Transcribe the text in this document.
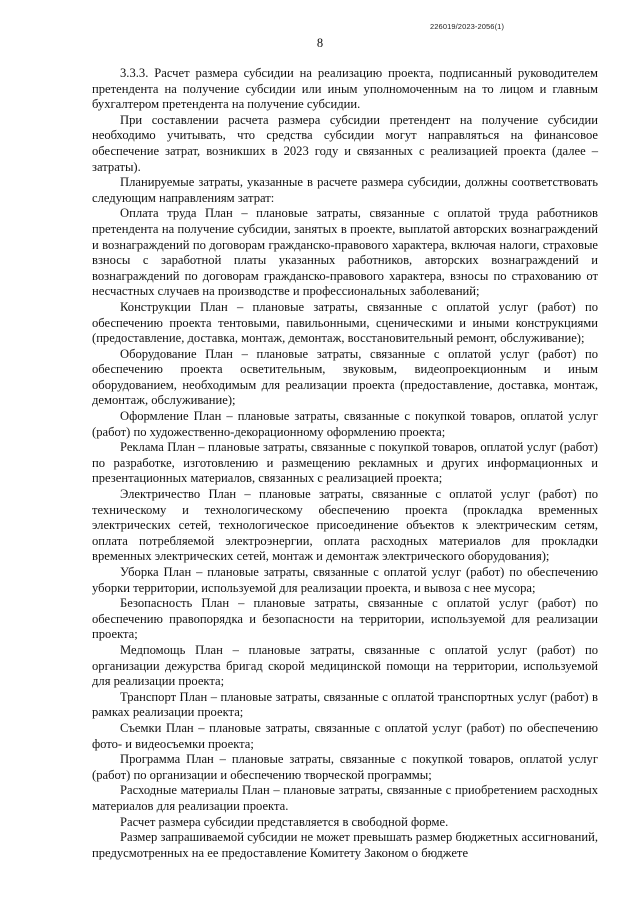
226019/2023-2056(1)
8

3.3.3. Расчет размера субсидии на реализацию проекта, подписанный руководителем претендента на получение субсидии или иным уполномоченным на то лицом и главным бухгалтером претендента на получение субсидии.

При составлении расчета размера субсидии претендент на получение субсидии необходимо учитывать, что средства субсидии могут направляться на финансовое обеспечение затрат, возникших в 2023 году и связанных с реализацией проекта (далее – затраты).

Планируемые затраты, указанные в расчете размера субсидии, должны соответствовать следующим направлениям затрат:

Оплата труда План – плановые затраты, связанные с оплатой труда работников претендента на получение субсидии, занятых в проекте, выплатой авторских вознаграждений и вознаграждений по договорам гражданско-правового характера, включая налоги, страховые взносы с заработной платы указанных работников, авторских вознаграждений и вознаграждений по договорам гражданско-правового характера, взносы по страхованию от несчастных случаев на производстве и профессиональных заболеваний;

Конструкции План – плановые затраты, связанные с оплатой услуг (работ) по обеспечению проекта тентовыми, павильонными, сценическими и иными конструкциями (предоставление, доставка, монтаж, демонтаж, восстановительный ремонт, обслуживание);

Оборудование План – плановые затраты, связанные с оплатой услуг (работ) по обеспечению проекта осветительным, звуковым, видеопроекционным и иным оборудованием, необходимым для реализации проекта (предоставление, доставка, монтаж, демонтаж, обслуживание);

Оформление План – плановые затраты, связанные с покупкой товаров, оплатой услуг (работ) по художественно-декорационному оформлению проекта;

Реклама План – плановые затраты, связанные с покупкой товаров, оплатой услуг (работ) по разработке, изготовлению и размещению рекламных и других информационных и презентационных материалов, связанных с реализацией проекта;

Электричество План – плановые затраты, связанные с оплатой услуг (работ) по техническому и технологическому обеспечению проекта (прокладка временных электрических сетей, технологическое присоединение объектов к электрическим сетям, оплата потребляемой электроэнергии, оплата расходных материалов для прокладки временных электрических сетей, монтаж и демонтаж электрического оборудования);

Уборка План – плановые затраты, связанные с оплатой услуг (работ) по обеспечению уборки территории, используемой для реализации проекта, и вывоза с нее мусора;

Безопасность План – плановые затраты, связанные с оплатой услуг (работ) по обеспечению правопорядка и безопасности на территории, используемой для реализации проекта;

Медпомощь План – плановые затраты, связанные с оплатой услуг (работ) по организации дежурства бригад скорой медицинской помощи на территории, используемой для реализации проекта;

Транспорт План – плановые затраты, связанные с оплатой транспортных услуг (работ) в рамках реализации проекта;

Съемки План – плановые затраты, связанные с оплатой услуг (работ) по обеспечению фото- и видеосъемки проекта;

Программа План – плановые затраты, связанные с покупкой товаров, оплатой услуг (работ) по организации и обеспечению творческой программы;

Расходные материалы План – плановые затраты, связанные с приобретением расходных материалов для реализации проекта.

Расчет размера субсидии представляется в свободной форме.

Размер запрашиваемой субсидии не может превышать размер бюджетных ассигнований, предусмотренных на ее предоставление Комитету Законом о бюджете
